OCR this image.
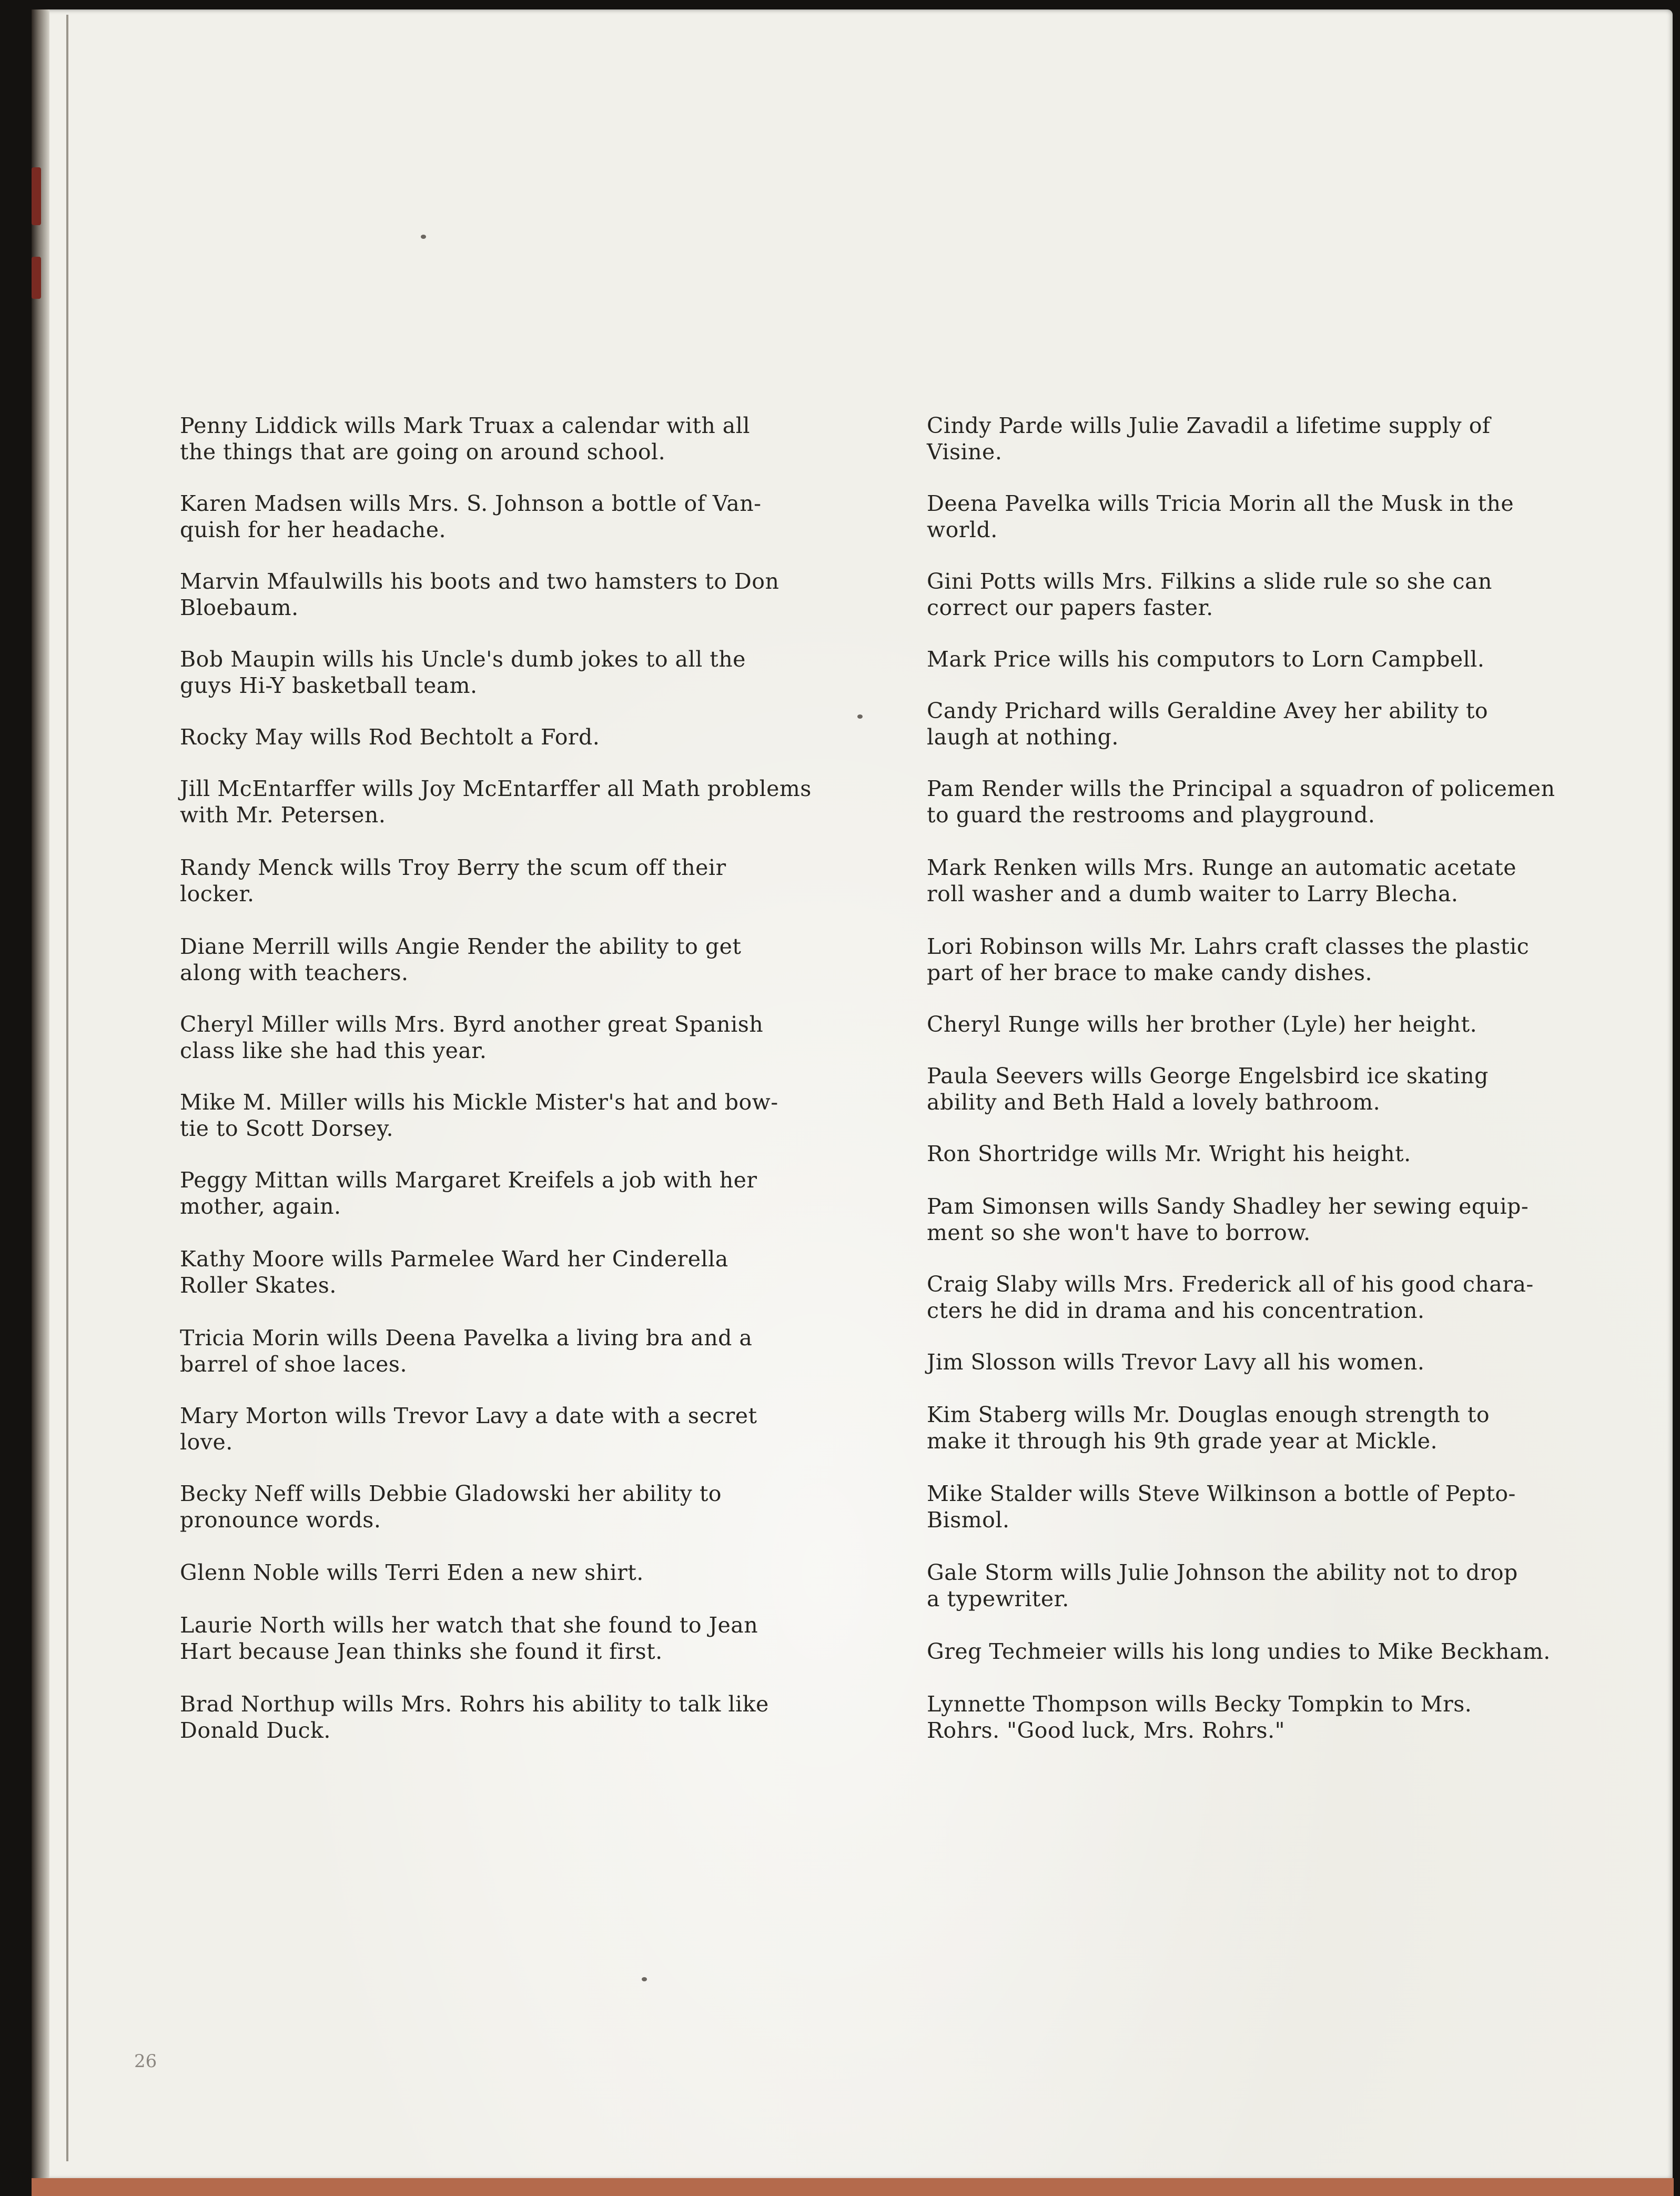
Penny Liddick wills Mark Truax a calendar with all
the things that are going on around school.

Karen Madsen wills Mrs. S. Johnson a bottle of Van-
quish for her headache.

Marvin Mfaulwills his boots and two hamsters to Don
Bloebaum.

Bob Maupin wills his Uncle's dumb jokes to all the
guys Hi-Y basketball team.

Rocky May wills Rod Bechtolt a Ford.

Jill McEntarffer wills Joy McEntarffer all Math problems
with Mr. Petersen.

Randy Menck wills Troy Berry the scum off their
locker.

Diane Merrill wills Angie Render the ability to get
along with teachers.

Cheryl Miller wills Mrs. Byrd another great Spanish
class like she had this year.

Mike M. Miller wills his Mickle Mister's hat and bow-
tie to Scott Dorsey.

Peggy Mittan wills Margaret Kreifels a job with her
mother, again.

Kathy Moore wills Parmelee Ward her Cinderella
Roller Skates.

Tricia Morin wills Deena Pavelka a living bra and a
barrel of shoe laces.

Mary Morton wills Trevor Lavy a date with a secret
love.

Becky Neff wills Debbie Gladowski her ability to
pronounce words.

Glenn Noble wills Terri Eden a new shirt.

Laurie North wills her watch that she found to Jean
Hart because Jean thinks she found it first.

Brad Northup wills Mrs. Rohrs his ability to talk like
Donald Duck.

Cindy Parde wills Julie Zavadil a lifetime supply of
Visine.

Deena Pavelka wills Tricia Morin all the Musk in the
world.

Gini Potts wills Mrs. Filkins a slide rule so she can
correct our papers faster.

Mark Price wills his computors to Lorn Campbell.

Candy Prichard wills Geraldine Avey her ability to
laugh at nothing.

Pam Render wills the Principal a squadron of policemen
to guard the restrooms and playground.

Mark Renken wills Mrs. Runge an automatic acetate
roll washer and a dumb waiter to Larry Blecha.

Lori Robinson wills Mr. Lahrs craft classes the plastic
part of her brace to make candy dishes.

Cheryl Runge wills her brother (Lyle) her height.

Paula Seevers wills George Engelsbird ice skating
ability and Beth Hald a lovely bathroom.

Ron Shortridge wills Mr. Wright his height.

Pam Simonsen wills Sandy Shadley her sewing equip-
ment so she won't have to borrow.

Craig Slaby wills Mrs. Frederick all of his good chara-
cters he did in drama and his concentration.

Jim Slosson wills Trevor Lavy all his women.

Kim Staberg wills Mr. Douglas enough strength to
make it through his 9th grade year at Mickle.

Mike Stalder wills Steve Wilkinson a bottle of Pepto-
Bismol.

Gale Storm wills Julie Johnson the ability not to drop
a typewriter.

Greg Techmeier wills his long undies to Mike Beckham.

Lynnette Thompson wills Becky Tompkin to Mrs.
Rohrs. "Good luck, Mrs. Rohrs."

26
